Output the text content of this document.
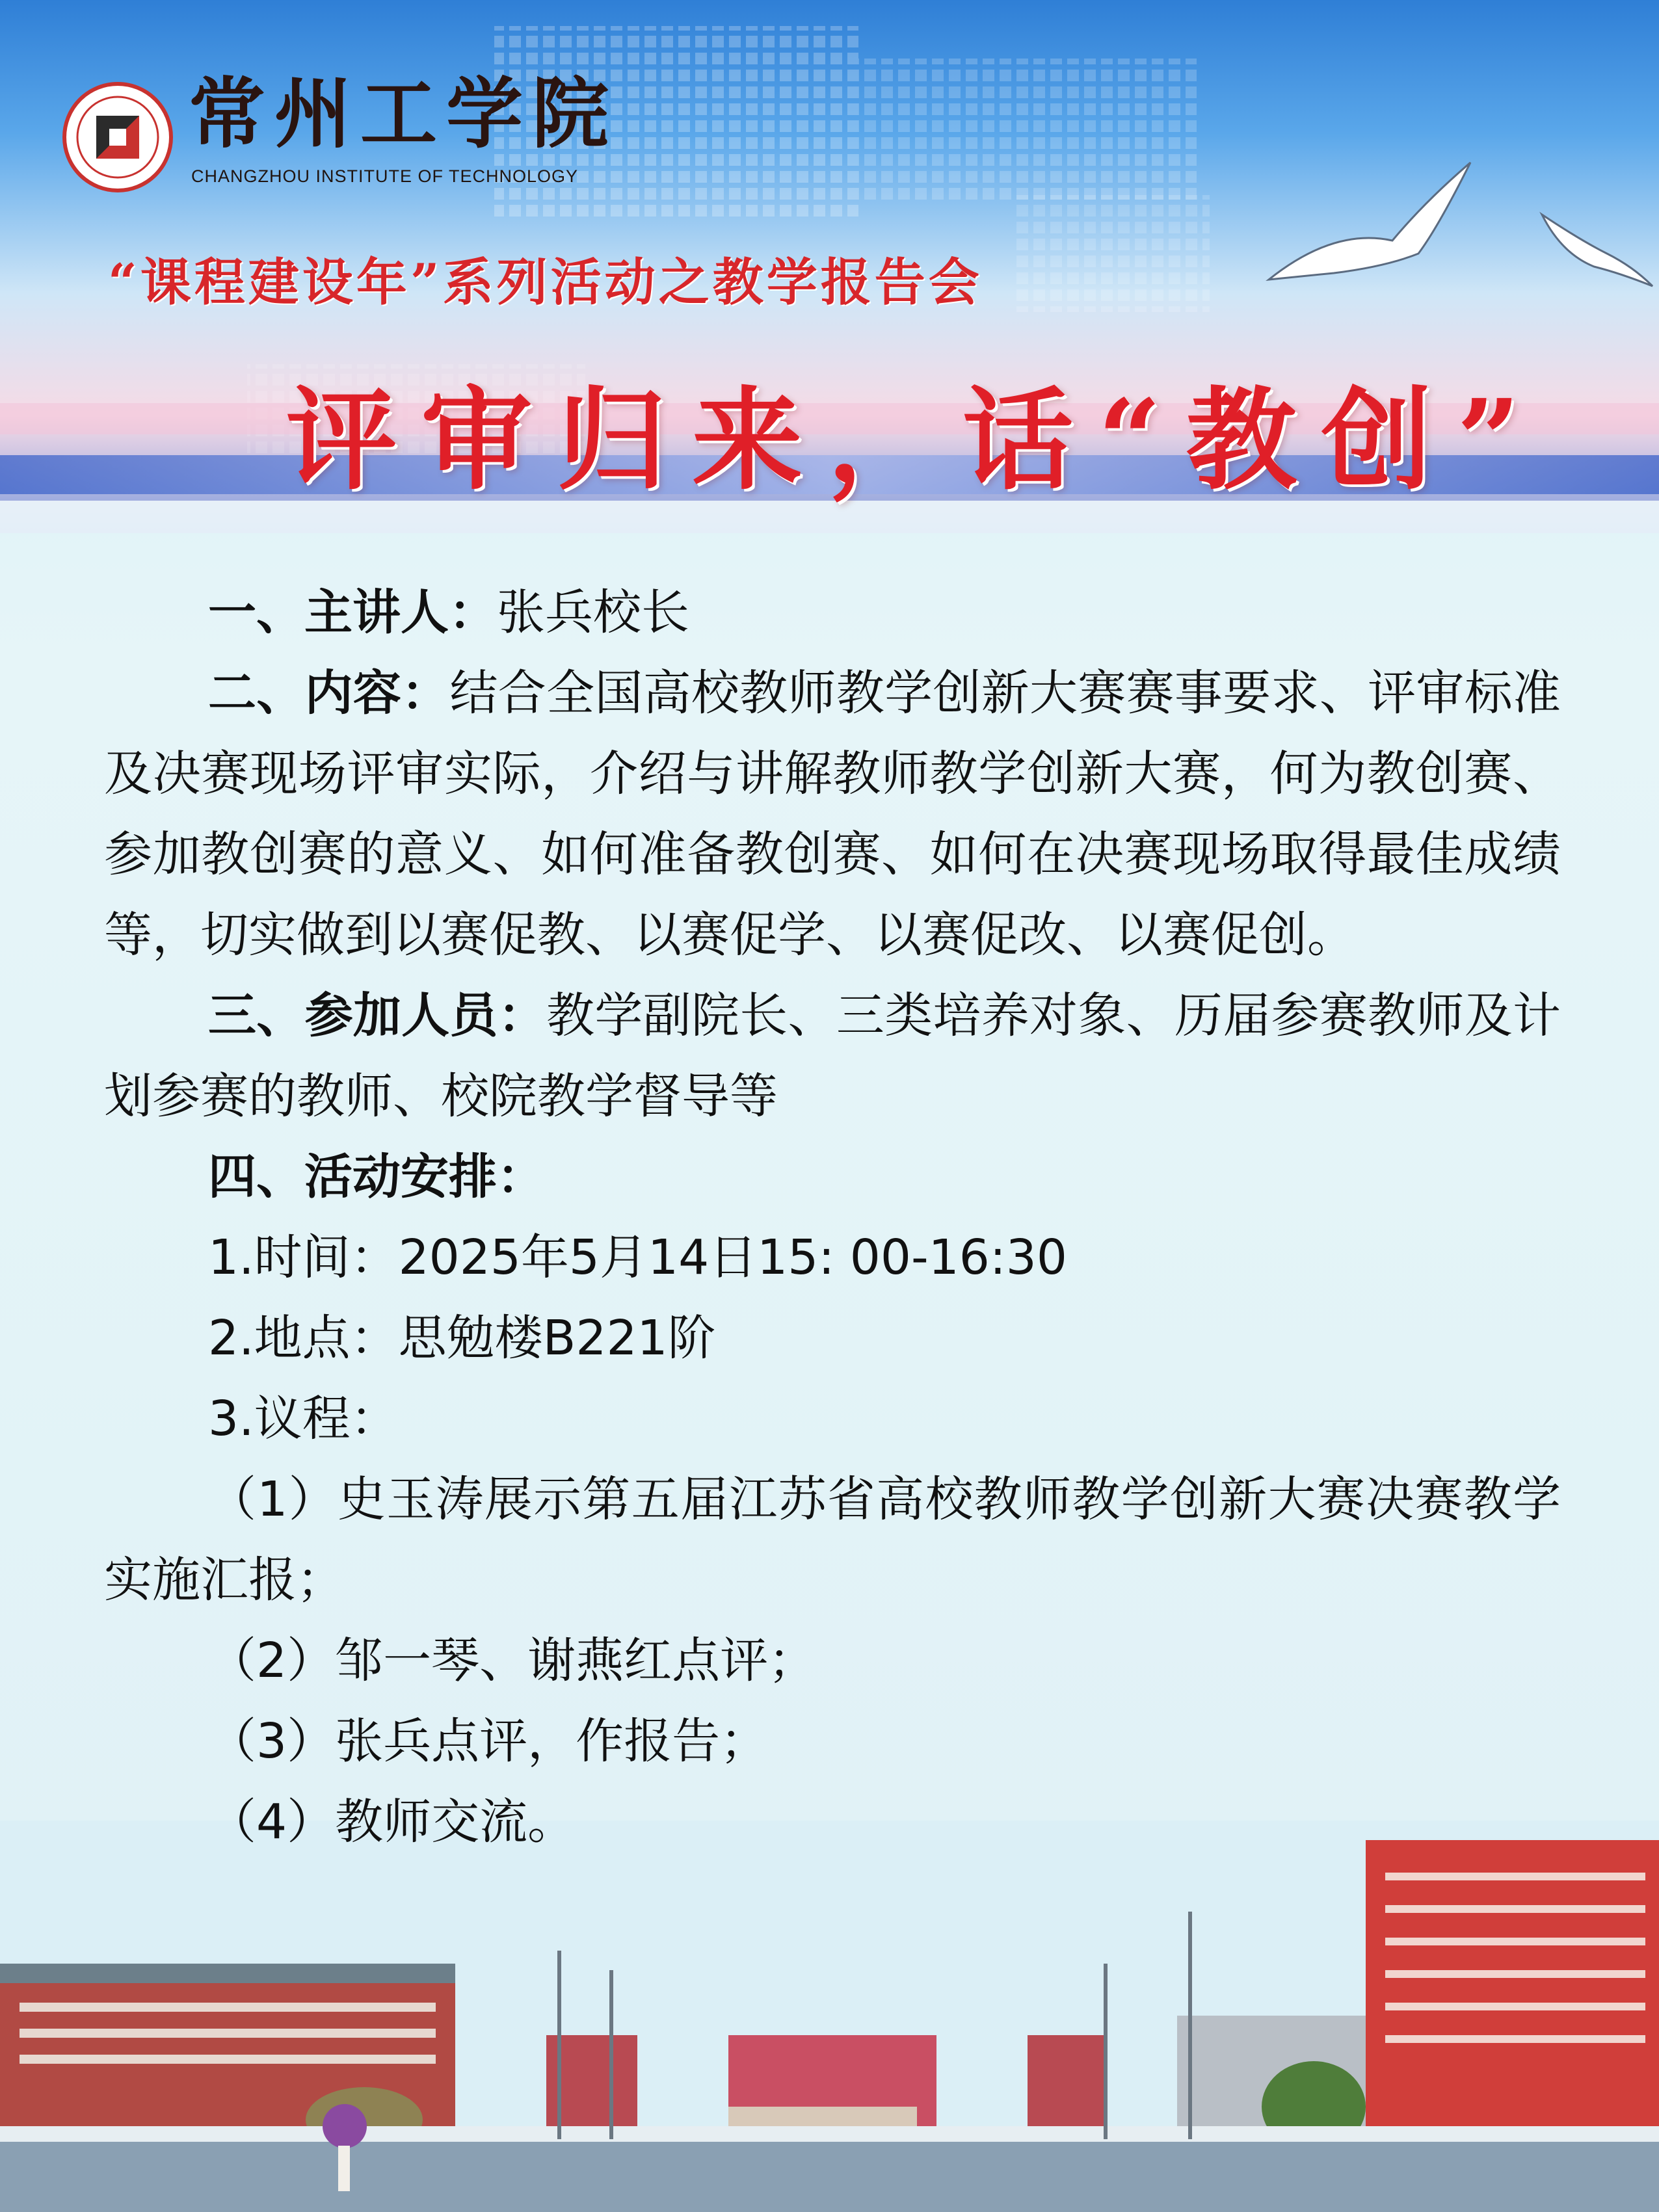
常州工学院
CHANGZHOU INSTITUTE OF TECHNOLOGY
“课程建设年”系列活动之教学报告会
评审归来，话“教创”

一、主讲人：张兵校长

二、内容：结合全国高校教师教学创新大赛赛事要求、评审标准及决赛现场评审实际，介绍与讲解教师教学创新大赛，何为教创赛、参加教创赛的意义、如何准备教创赛、如何在决赛现场取得最佳成绩等，切实做到以赛促教、以赛促学、以赛促改、以赛促创。

三、参加人员：教学副院长、三类培养对象、历届参赛教师及计划参赛的教师、校院教学督导等

四、活动安排：

1.时间：2025年5月14日15: 00-16:30

2.地点：思勉楼B221阶

3.议程：

（1）史玉涛展示第五届江苏省高校教师教学创新大赛决赛教学实施汇报；

（2）邹一琴、谢燕红点评；

（3）张兵点评，作报告；

（4）教师交流。
